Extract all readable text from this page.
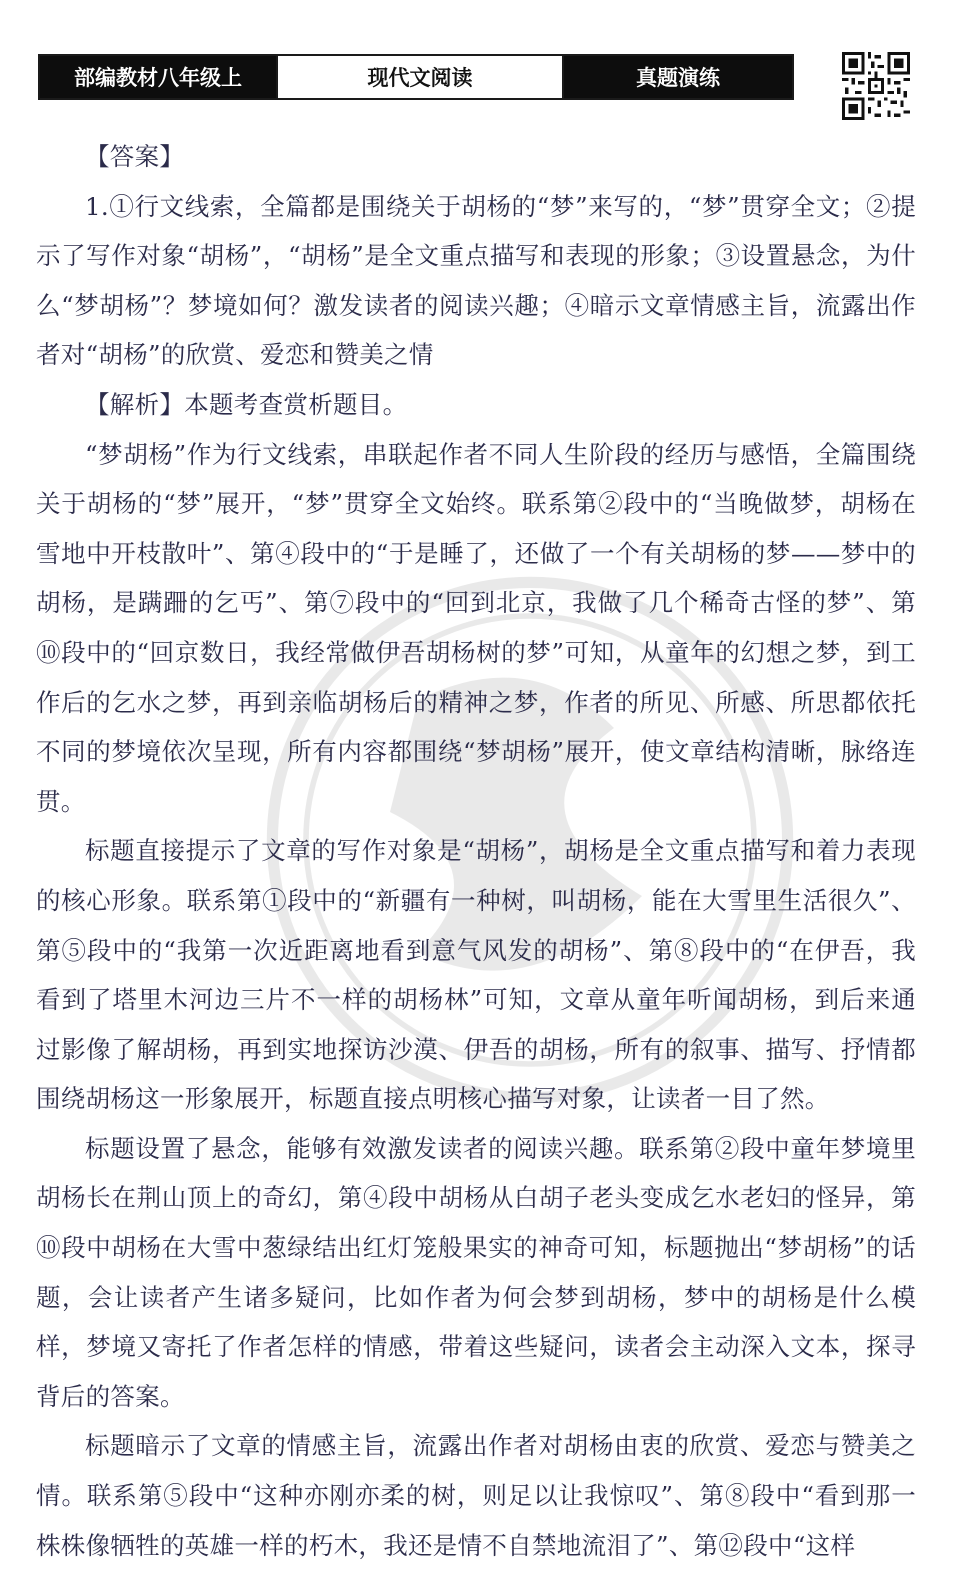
部编教材八年级上	现代文阅读	真题演练

【答案】

1.①行文线索，全篇都是围绕关于胡杨的“梦”来写的，“梦”贯穿全文；②提示了写作对象“胡杨”，“胡杨”是全文重点描写和表现的形象；③设置悬念，为什么“梦胡杨”？梦境如何？激发读者的阅读兴趣；④暗示文章情感主旨，流露出作者对“胡杨”的欣赏、爱恋和赞美之情

【解析】本题考查赏析题目。

“梦胡杨”作为行文线索，串联起作者不同人生阶段的经历与感悟，全篇围绕关于胡杨的“梦”展开，“梦”贯穿全文始终。联系第②段中的“当晚做梦，胡杨在雪地中开枝散叶”、第④段中的“于是睡了，还做了一个有关胡杨的梦——梦中的胡杨，是蹒跚的乞丐”、第⑦段中的“回到北京，我做了几个稀奇古怪的梦”、第⑩段中的“回京数日，我经常做伊吾胡杨树的梦”可知，从童年的幻想之梦，到工作后的乞水之梦，再到亲临胡杨后的精神之梦，作者的所见、所感、所思都依托不同的梦境依次呈现，所有内容都围绕“梦胡杨”展开，使文章结构清晰，脉络连贯。

标题直接提示了文章的写作对象是“胡杨”，胡杨是全文重点描写和着力表现的核心形象。联系第①段中的“新疆有一种树，叫胡杨，能在大雪里生活很久”、第⑤段中的“我第一次近距离地看到意气风发的胡杨”、第⑧段中的“在伊吾，我看到了塔里木河边三片不一样的胡杨林”可知，文章从童年听闻胡杨，到后来通过影像了解胡杨，再到实地探访沙漠、伊吾的胡杨，所有的叙事、描写、抒情都围绕胡杨这一形象展开，标题直接点明核心描写对象，让读者一目了然。

标题设置了悬念，能够有效激发读者的阅读兴趣。联系第②段中童年梦境里胡杨长在荆山顶上的奇幻，第④段中胡杨从白胡子老头变成乞水老妇的怪异，第⑩段中胡杨在大雪中葱绿结出红灯笼般果实的神奇可知，标题抛出“梦胡杨”的话题，会让读者产生诸多疑问，比如作者为何会梦到胡杨，梦中的胡杨是什么模样，梦境又寄托了作者怎样的情感，带着这些疑问，读者会主动深入文本，探寻背后的答案。

标题暗示了文章的情感主旨，流露出作者对胡杨由衷的欣赏、爱恋与赞美之情。联系第⑤段中“这种亦刚亦柔的树，则足以让我惊叹”、第⑧段中“看到那一株株像牺牲的英雄一样的朽木，我还是情不自禁地流泪了”、第⑫段中“这样
